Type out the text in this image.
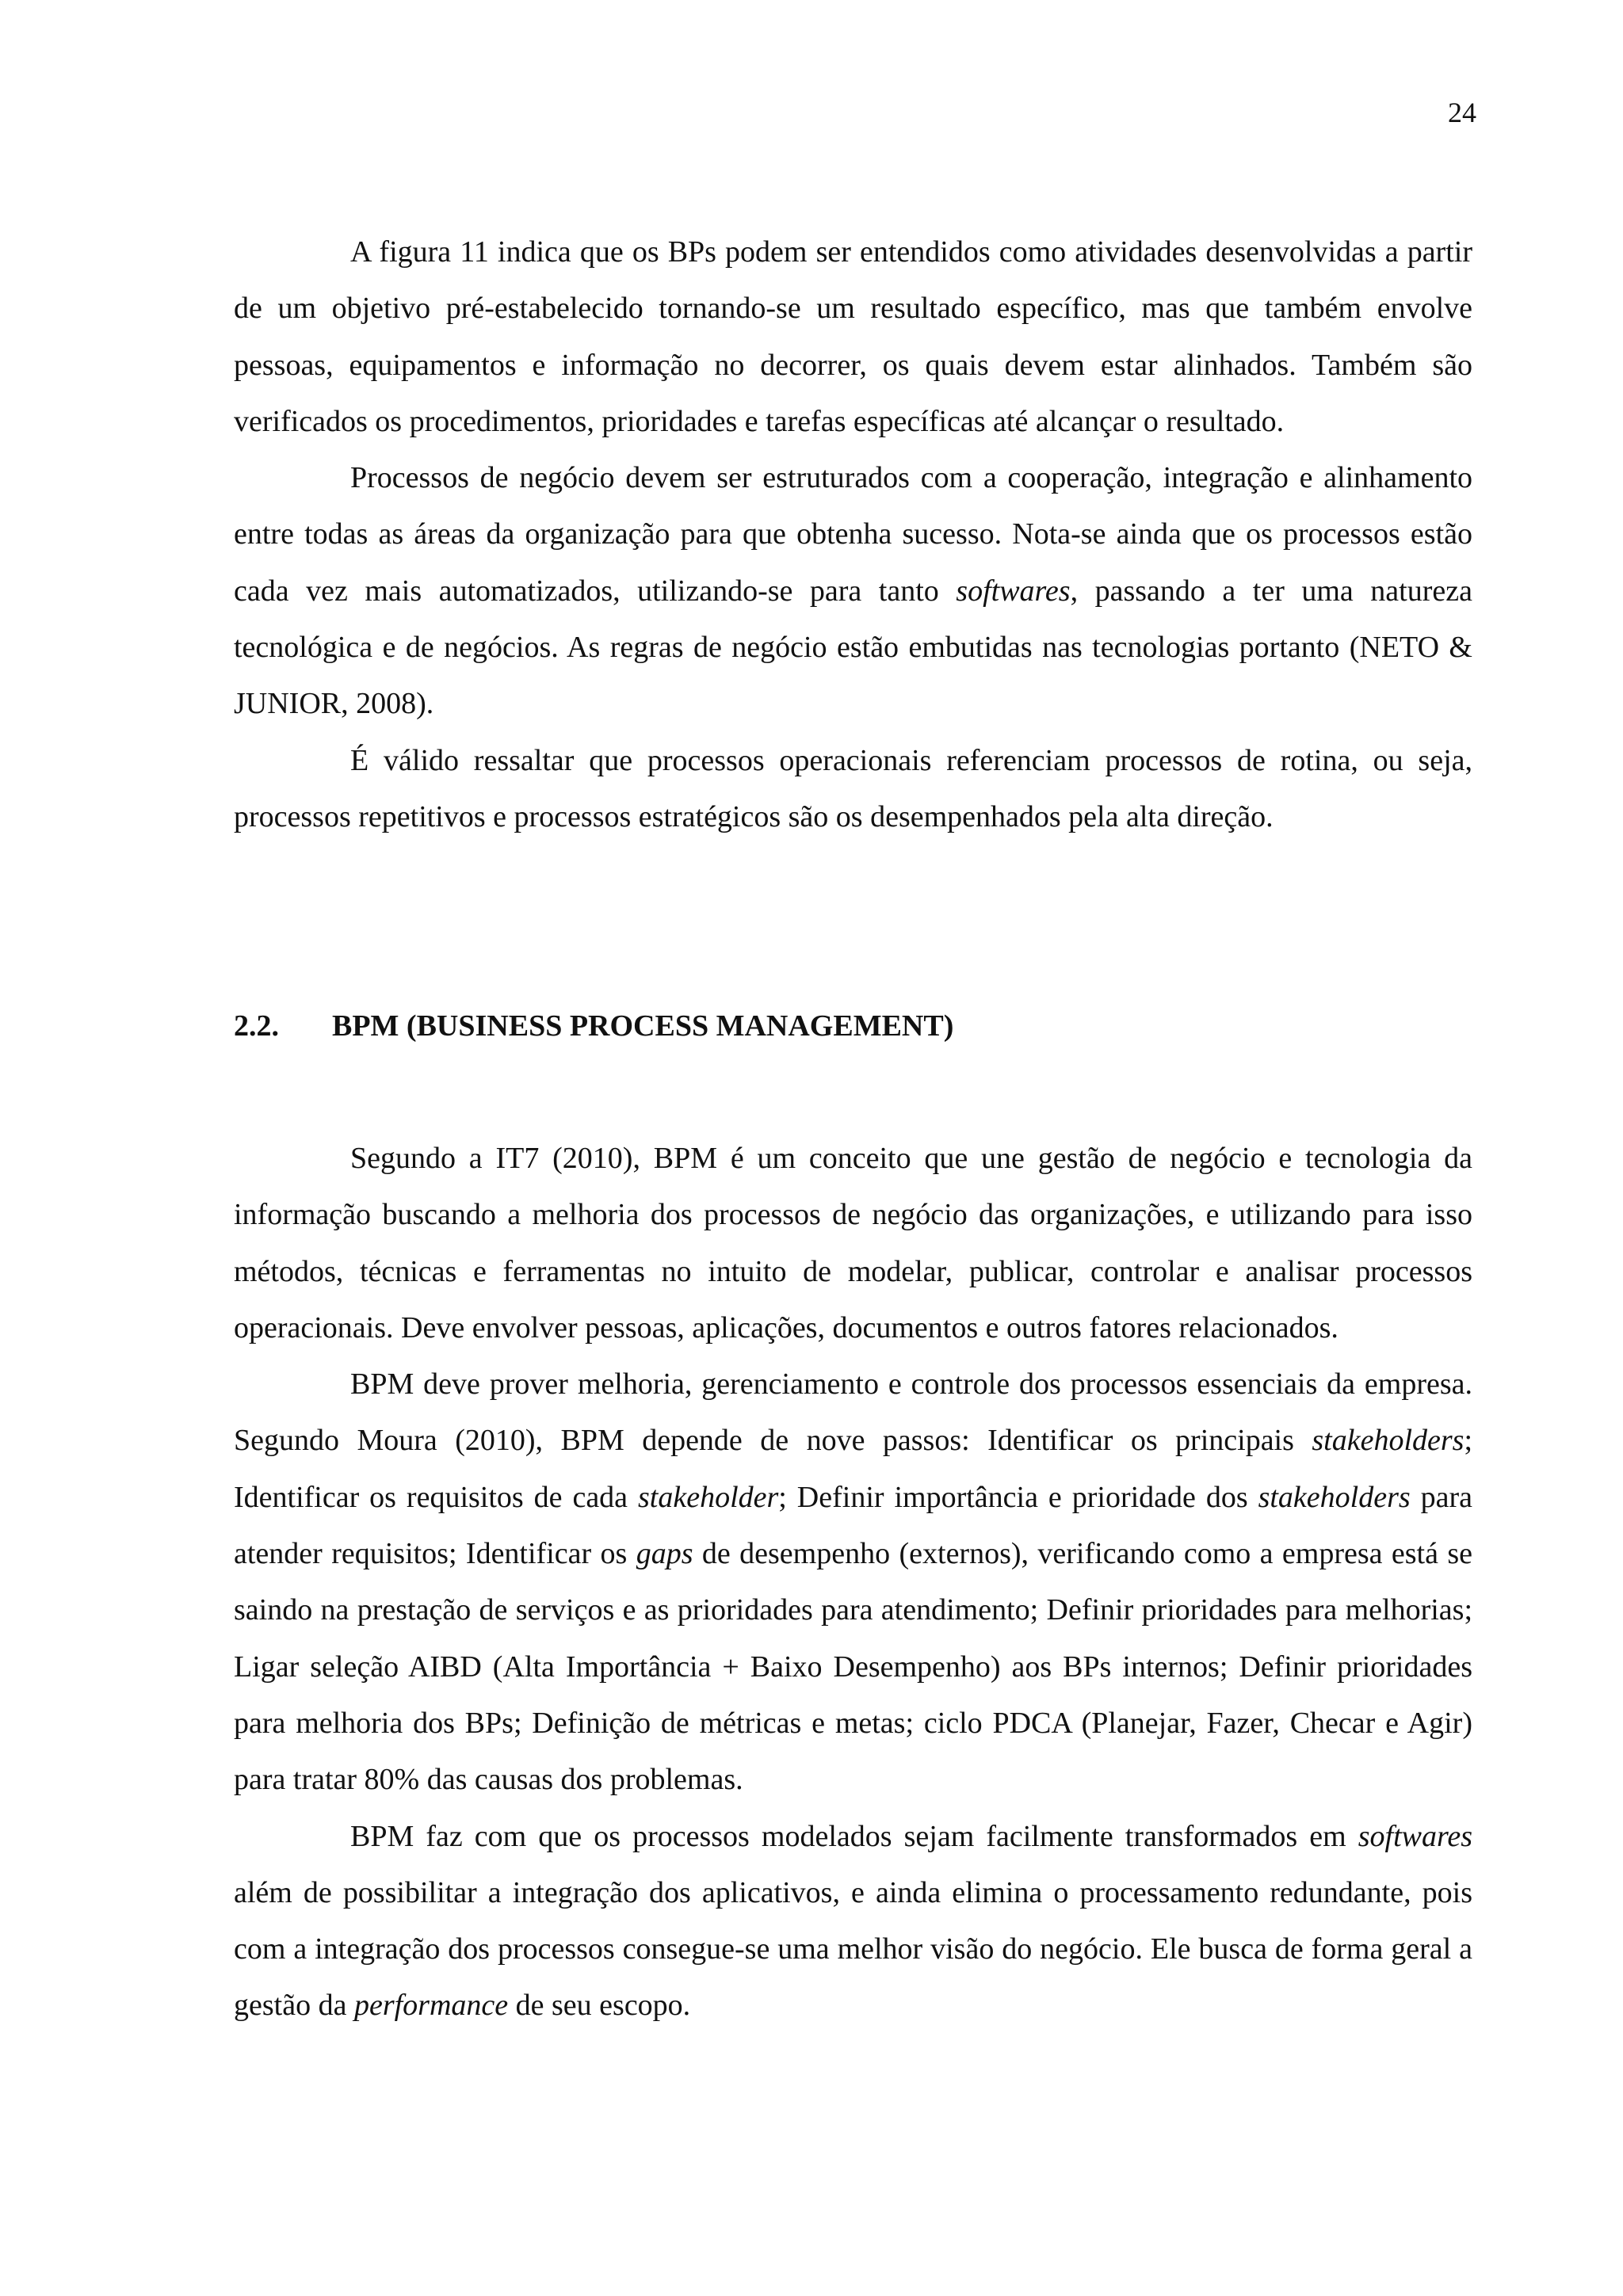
24

A figura 11 indica que os BPs podem ser entendidos como atividades desenvolvidas a partir de um objetivo pré-estabelecido tornando-se um resultado específico, mas que também envolve pessoas, equipamentos e informação no decorrer, os quais devem estar alinhados. Também são verificados os procedimentos, prioridades e tarefas específicas até alcançar o resultado.

Processos de negócio devem ser estruturados com a cooperação, integração e alinhamento entre todas as áreas da organização para que obtenha sucesso. Nota-se ainda que os processos estão cada vez mais automatizados, utilizando-se para tanto softwares, passando a ter uma natureza tecnológica e de negócios. As regras de negócio estão embutidas nas tecnologias portanto (NETO & JUNIOR, 2008).

É válido ressaltar que processos operacionais referenciam processos de rotina, ou seja, processos repetitivos e processos estratégicos são os desempenhados pela alta direção.

2.2.	BPM (BUSINESS PROCESS MANAGEMENT)

Segundo a IT7 (2010), BPM é um conceito que une gestão de negócio e tecnologia da informação buscando a melhoria dos processos de negócio das organizações, e utilizando para isso métodos, técnicas e ferramentas no intuito de modelar, publicar, controlar e analisar processos operacionais. Deve envolver pessoas, aplicações, documentos e outros fatores relacionados.

BPM deve prover melhoria, gerenciamento e controle dos processos essenciais da empresa. Segundo Moura (2010), BPM depende de nove passos: Identificar os principais stakeholders; Identificar os requisitos de cada stakeholder; Definir importância e prioridade dos stakeholders para atender requisitos; Identificar os gaps de desempenho (externos), verificando como a empresa está se saindo na prestação de serviços e as prioridades para atendimento; Definir prioridades para melhorias; Ligar seleção AIBD (Alta Importância + Baixo Desempenho) aos BPs internos; Definir prioridades para melhoria dos BPs; Definição de métricas e metas; ciclo PDCA (Planejar, Fazer, Checar e Agir) para tratar 80% das causas dos problemas.

BPM faz com que os processos modelados sejam facilmente transformados em softwares além de possibilitar a integração dos aplicativos, e ainda elimina o processamento redundante, pois com a integração dos processos consegue-se uma melhor visão do negócio. Ele busca de forma geral a gestão da performance de seu escopo.
